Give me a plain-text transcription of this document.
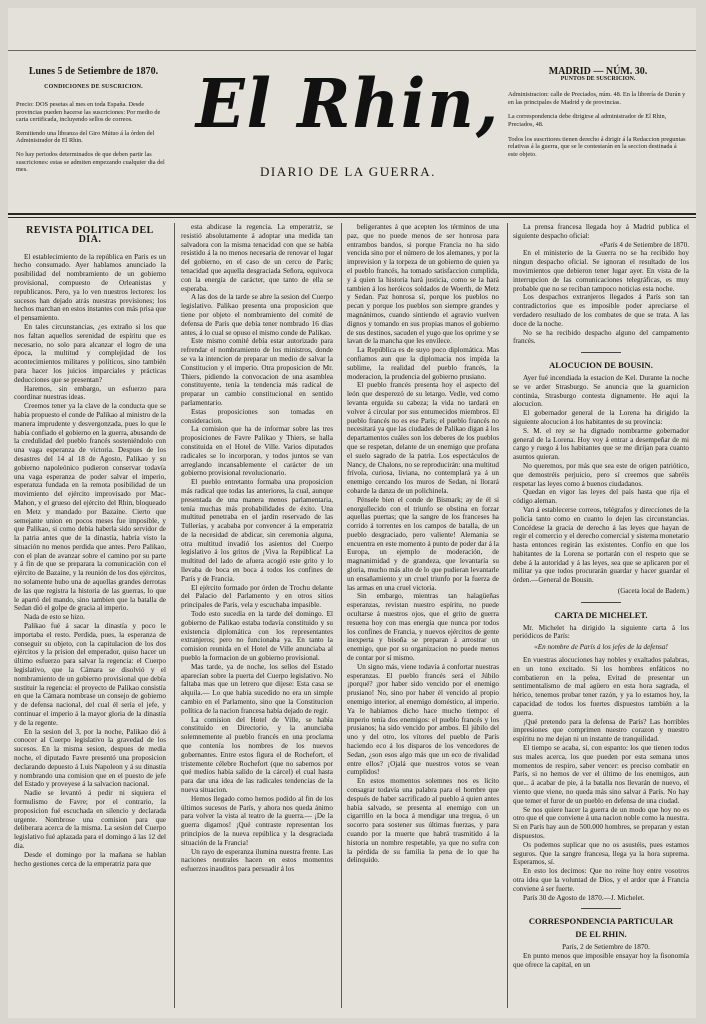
Lunes 5 de Setiembre de 1870.
CONDICIONES DE SUSCRICION.

Precio: DOS pesetas al mes en toda España. Desde provincias pueden hacerse las suscriciones: Por medio de carta certificada, incluyendo sellos de correos.

Remitiendo una libranza del Giro Mútuo á la órden del Administrador de El Rhin.

No hay periodos determinados de que deben partir las suscriciones: estas se admiten empezando cualquier dia del mes.

El Rhin,
DIARIO DE LA GUERRA.
MADRID — NÚM. 30.
PUNTOS DE SUSCRICION.

Administracion: calle de Preciados, núm. 48. En la librería de Durán y en las principales de Madrid y de provincias.

La correspondencia debe dirigirse al administrador de El Rhin, Preciados, 48.

Todos los suscritores tienen derecho á dirigir á la Redaccion preguntas relativas á la guerra, que se le contestarán en la seccion destinada á este objeto.

REVISTA POLITICA DEL DIA.

El establecimiento de la república en Paris es un hecho consumado. Ayer hablamos anunciado la posibilidad del nombramiento de un gobierno provisional, compuesto de Orleanistas y republicanos. Pero, ya lo ven nuestros lectores: los sucesos han dejado atrás nuestras previsiones; los hechos marchan en estos instantes con más prisa que el pensamiento.

En tales circunstancias, ¿es extraño si los que nos faltan aquellos serenidad de espíritu que es necesario, no solo para alcanzar el logro de una época, la multitud y complejidad de los acontecimientos militares y políticos, sino también para hacer los juicios imparciales y prácticas deducciones que se presentan?

Haremos, sin embargo, un esfuerzo para coordinar nuestras ideas.

Creemos tener ya la clave de la conducta que se había propuesto el conde de Palikao al ministro de la manera imprudente y desvergonzada, pues lo que le había confiado el gobierno en la guerra, abusando de la credulidad del pueblo francés sosteniéndolo con una vaga esperanza de victoria. Despues de los desastres del 14 al 18 de Agosto, Palikao y su gobierno napoleónico pudieron conservar todavía una vaga esperanza de poder salvar el imperio, esperanza fundada en la remota posibilidad de un movimiento del ejército improvisado por Mac-Mahon, y el grueso del ejército del Rhin, bloqueado en Metz y mandado por Bazaine. Cierto que semejante union en pocos meses fue imposible, y que Palikao, si como debía haberla sido servidor de la patria antes que de la dinastía, habría visto la situación no menos perdida que antes. Pero Palikao, con el plan de avanzar sobre el camino por su parte y á fin de que se preparara la comunicación con el ejército de Bazaine, y la reunión de los dos ejércitos, no solamente hubo una de aquellas grandes derrotas de las que registra la historia de las guerras, lo que le apartó del mando, sino tambien que la batalla de Sedan dió el golpe de gracia al imperio.

Nada de esto se hizo.

Palikao fué á sacar la dinastía y poco le importaba el resto. Perdida, pues, la esperanza de conseguir su objeto, con la capitulacion de los dos ejércitos y la prision del emperador, quiso hacer un último esfuerzo para salvar la regencia: el Cuerpo legislativo, que la Cámara se disolvió y el nombramiento de un gobierno provisional que debía sustituir la regencia: el proyecto de Palikao consistía en que la Cámara nombrase un consejo de gobierno y de defensa nacional, del cual él sería el jefe, y continuar el imperio á la mayor gloria de la dinastía y de la regente.

En la sesion del 3, por la noche, Palikao dió á conocer al Cuerpo legislativo la gravedad de los sucesos. En la misma sesion, despues de media noche, el diputado Favre presentó una proposicion declarando depuesto á Luis Napoleon y á su dinastía y nombrando una comision que en el puesto de jefe del Estado y proveyese á la salvacion nacional.

Nadie se levantó á pedir ni siquiera el formulismo de Favre; por el contrario, la proposicion fué escuchada en silencio y declarada urgente. Nombrose una comision para que deliberara acerca de la misma. La sesion del Cuerpo legislativo fué aplazada para el domingo á las 12 del dia.

Desde el domingo por la mañana se hablan hecho gestiones cerca de la emperatriz para que

esta abdicase la regencia. La emperatriz, se resistió absolutamente á adoptar una medida tan salvadora con la misma tenacidad con que se había resistido á la no menos necesaria de renovar el lugar del gobierno, en el caso de un cerco de París; tenacidad que aquella desgraciada Señora, equivoca con la energía de carácter, que tanto de ella se esperaba.

A las dos de la tarde se abre la sesion del Cuerpo legislativo. Palikao presenta una proposicion que tiene por objeto el nombramiento del comité de defensa de París que debía tener nombrado 16 días antes, á lo cual se opuso el mismo conde de Palikao.

Este mismo comité debía estar autorizado para refrendar el nombramiento de los ministros, donde se va la intencion de preparar un medio de salvar la Constitucion y el imperio. Otra proposicion de Mr. Thiers, pidiendo la convocacion de una asamblea constituyente, tenía la tendencia más radical de preparar un cambio constitucional en sentido parlamentario.

Estas proposiciones son tomadas en consideracion.

La comision que ha de informar sobre las tres proposiciones de Favre Palikao y Thiers, se halla constituida en el Hotel de Ville. Varios diputados radicales se lo incorporan, y todos juntos se van arreglando incansablemente el carácter de un gobierno provisional revolucionario.

El pueblo entretanto formaba una proposicion más radical que todas las anteriores, la cual, aunque presentada de una manera menos parlamentaria, tenía muchas más probabilidades de éxito. Una multitud penetraba en el jardin reservado de las Tullerías, y acababa por convencer á la emperatriz de la necesidad de abdicar, sin ceremonia alguna, otra multitud invadió los asientos del Cuerpo legislativo á los gritos de ¡Viva la República! La multitud del lado de afuera acogió este grito y lo llevaba de boca en boca á todos los confines de París y de Francia.

El ejército formado por órden de Trochu delante del Palacio del Parlamento y en otros sitios principales de París, vela y escuchaba impasible.

Todo esto sucedía en la tarde del domingo. El gobierno de Palikao estaba todavía constituido y su existencia diplomática con los representantes extranjeros; pero no funcionaba ya. En tanto la comision reunida en el Hotel de Ville anunciaba al pueblo la formacion de un gobierno provisional.

Mas tarde, ya de noche, los sellos del Estado aparecían sobre la puerta del Cuerpo legislativo. No faltaba mas que un letrero que dijese: Esta casa se alquila.— Lo que había sucedido no era un simple cambio en el Parlamento, sino que la Constitucion política de la nacion francesa había dejado de regir.

La comision del Hotel de Ville, se había constituido en Directorio, y la anunciaba solemnemente al pueblo francés en una proclama que contenía los nombres de los nuevos gobernantes. Entre estos figura el de Rochefort, el tristemente célebre Rochefort (que no sabemos por qué medios había salido de la cárcel) el cual hasta para dar una idea de las radicales tendencias de la nueva situacion.

Hemos llegado como hemos podido al fin de los últimos sucesos de París, y ahora nos queda ánimo para volver la vista al teatro de la guerra.— ¡De la guerra digamos! ¡Qué contraste representan los principios de la nueva república y la desgraciada situación de la Francia!

Un rayo de esperanza ilumina nuestra frente. Las naciones neutrales hacen en estos momentos esfuerzos inauditos para persuadir á los

beligerantes á que acepten los términos de una paz, que no puede menos de ser honrosa para entrambos bandos, si porque Francia no ha sido vencida sino por el número de los alemanes, y por la imprevision y la torpeza de un gobierno de quien ya el pueblo francés, ha tomado satisfaccion cumplida, y á quien la historia hará justicia, como se la hará tambien á los heróicos soldados de Woerth, de Metz y Sedan. Paz honrosa sí, porque los pueblos no pecan y porque los pueblos son siempre grandes y magnánimos, cuando sintiendo el agravio vuelven dignos y tomando en sus propias manos el gobierno de sus destinos, sacuden el yugo que los oprime y se lavan de la mancha que les envilece.

La República es de suyo poco diplomática. Mas confiamos aun que la diplomacia nos impida la sublime, la realidad del pueblo francés, la moderacion, la prudencia del gobierno prusiano.

El pueblo francés presenta hoy el aspecto del león que desperezó de su letargo. Vedle, ved como levanta erguida su cabeza; la vida no tardará en volver á circular por sus entumecidos miembros. El pueblo francés no es ese París; el pueblo francés no necesitará ya que las ciudades de Palikao digan á los departamentos cuáles son los deberes de los pueblos que se respetan, delante de un enemigo que profana el suelo sagrado de la patria. Los espectáculos de Nancy, de Chalons, no se reproducirán: una multitud frívola, curiosa, liviana, no contemplará ya á un enemigo cercando los muros de Sedan, ni llorará cobarde la danza de un polichinela.

Pénsele bien el conde de Bismark; ay de él si enorgullecido con el triunfo se obstina en forzar aquellas puertas; que la sangre de los franceses ha corrido á torrentes en los campos de batalla, de un pueblo desgraciado, pero valiente! Alemania se encuentra en este momento á punto de poder dar á la Europa, un ejemplo de moderación, de magnanimidad y de grandeza, que levantaría su gloria, mucho más alto de lo que pudieran levantarle un ensañamiento y un cruel triunfo por la fuerza de las armas en una cruel victoria.

Sin embargo, mientras tan halagüeñas esperanzas, revistan nuestro espíritu, no puede ocultarse á nuestros ojos, que el grito de guerra resuena hoy con mas energía que nunca por todos los confines de Francia, y nuevos ejércitos de gente inexperta y bisoña se preparan á arrostrar un enemigo, que por su organizacion no puede menos de contar por sí mismo.

Un signo más, viene todavía á confortar nuestras esperanzas. El pueblo francés será el Júbilo ¡porqué? ¡por haber sido vencido por el enemigo prusiano! No, sino por haber él vencido al propio enemigo interior, al enemigo doméstico, al imperio. Ya le habíamos dicho hace mucho tiempo: el imperio tenía dos enemigos: el pueblo francés y los prusianos; ha sido vencido por ambos. El júbilo del uno y del otro, los vítores del pueblo de París haciendo eco á los disparos de los vencedores de Sedan, ¿son esos algo más que un eco de rivalidad entre ellos? ¡Ojalá que nuestros votos se vean cumplidos!

En estos momentos solemnes nos es lícito consagrar todavía una palabra para el hombre que después de haber sacrificado al pueblo á quien antes había salvado, se presenta al enemigo con un cigarrillo en la boca á mendigar una tregua, ó un socorro para sostener sus últimas fuerzas, y para cuando por la muerte que habrá trasmitido á la historia un nombre respetable, ya que no sufra con la pérdida de su familia la pena de lo que ha delinquido.

La prensa francesa llegada hoy á Madrid publica el siguiente despacho oficial:

«París 4 de Setiembre de 1870.

En el ministerio de la Guerra no se ha recibido hoy ningun despacho oficial. Se ignoran el resultado de los movimientos que debieron tener lugar ayer. En vista de la interrupcion de las comunicaciones telegráficas, es muy probable que no se reciban tampoco noticias esta noche.

Los despachos extranjeros llegados á París son tan contradictorios que es imposible poder apreciarse el verdadero resultado de los combates de que se trata. A las doce de la noche.

No se ha recibido despacho alguno del campamento francés.

ALOCUCION DE BOUSIN.

Ayer fué incendiada la estacion de Kel. Durante la noche se ve arder Strasburgo. Se anuncia que la guarnicion continúa, Strasburgo contesta dignamente. He aquí la alocucion.

El gobernador general de la Lorena ha dirigido la siguiente alocucion á los habitantes de su provincia:

S. M. el rey se ha dignado nombrarme gobernador general de la Lorena. Hoy voy á entrar a desempeñar de mi cargo y ruego á los habitantes que se me dirijan para cuanto asuntos quieran.

No queremos, por más que sea este de origen patriótico, que demostréis perjuicio, pero sí creemos que sabréis respetar las leyes como á buenos ciudadanos.

Quedan en vigor las leyes del país hasta que rija el código aleman.

Van á establecerse correos, telégrafos y direcciones de la policía tanto como en cuanto lo dejen las circunstancias. Concédese la gracia de derecho á las leyes que hayan de regir el comercio y el derecho comercial y sistema monetario hasta entonces regirán las existentes. Confío en que los habitantes de la Lorena se portarán con el respeto que se debe á la autoridad y á las leyes, sea que se aplicaren por el militar ya que todos procurarán guardar y hacer guardar el órden.—General de Bousin.

(Gaceta local de Badem.)
CARTA DE MICHELET.

Mr. Michelet ha dirigido la siguiente carta á los periódicos de París:

«En nombre de París á los jefes de la defensa!

En vuestras alocuciones hay nobles y exaltados palabras, en un tono excitado. Si los hombres enfáticos no combatieron en la pelea, Evitad de presentar un sentimentalismo de mal agüero en esta hora sagrada, el hérico, tenemos probar tener razón, y ya lo estamos hoy, la capacidad de todos los fuertes dispuestos también a la guerra.

¡Qué pretendo para la defensa de París? Las horribles impresiones que comprimen nuestro corazon y nuestro espíritu no me dejan ni un instante de tranquilidad.

El tiempo se acaba, si, con espanto: los que tienen todos sus males acerca, los que pueden por esta semana unos momentos de respiro, saber vencer: es preciso combatir en París, si no hemos de ver el último de los enemigos, aun que... á acabar de pie, á la batalla nos llevarán de nuevo, el viento que viene, no queda más sino salvar á París. No hay que temer el furor de un pueblo en defensa de una ciudad.

Se nos quiere hacer la guerra de un modo que hoy no es otro que el que conviene á una nacion noble como la nuestra. Si en París hay aun de 500.000 hombres, se preparan y estan dispuestos.

Os podemos suplicar que no os asustéis, pues estamos seguros. Que la sangre francesa, llega ya la hora suprema. Esperamos, sí.

En esto los decimos: Que no reine hoy entre vosotros otra idea que la voluntad de Dios, y el ardor que á Francia conviene á ser fuerte.

París 30 de Agosto de 1870.—J. Michelet.

CORRESPONDENCIA PARTICULAR
DE EL RHIN.

París, 2 de Setiembre de 1870.

En punto menos que imposible ensayar hoy la fisonomía que ofrece la capital, en un
